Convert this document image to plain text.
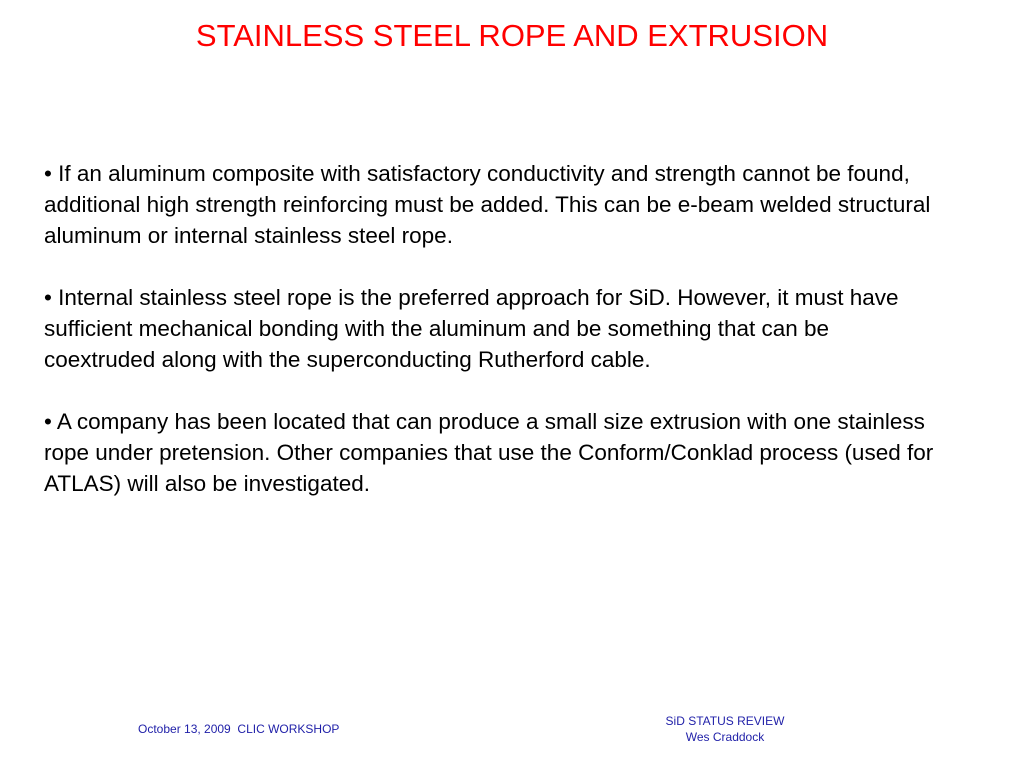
STAINLESS STEEL ROPE AND EXTRUSION

• If an aluminum composite with satisfactory conductivity and strength cannot be found, additional high strength reinforcing must be added. This can be e-beam welded structural aluminum or internal stainless steel rope.

• Internal stainless steel rope is the preferred approach for SiD. However, it must have sufficient mechanical bonding with the aluminum and be something that can be coextruded along with the superconducting Rutherford cable.

• A company has been located that can produce a small size extrusion with one stainless rope under pretension. Other companies that use the Conform/Conklad process (used for ATLAS) will also be investigated.

October 13, 2009  CLIC WORKSHOP
SiD STATUS REVIEW
Wes Craddock
